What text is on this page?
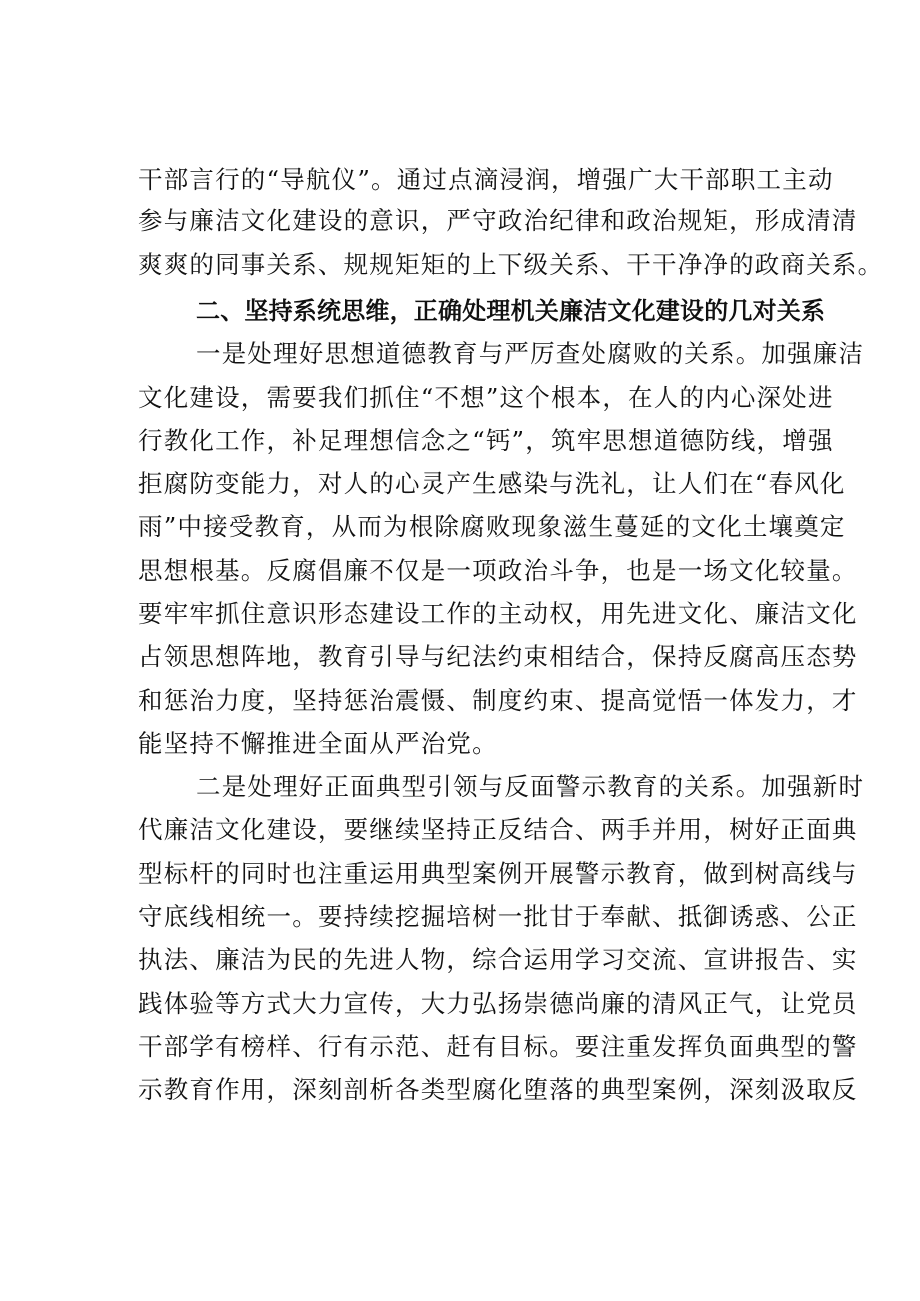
干部言行的“导航仪”。通过点滴浸润，增强广大干部职工主动
参与廉洁文化建设的意识，严守政治纪律和政治规矩，形成清清
爽爽的同事关系、规规矩矩的上下级关系、干干净净的政商关系。
二、坚持系统思维，正确处理机关廉洁文化建设的几对关系
一是处理好思想道德教育与严厉查处腐败的关系。加强廉洁
文化建设，需要我们抓住“不想”这个根本，在人的内心深处进
行教化工作，补足理想信念之“钙”，筑牢思想道德防线，增强
拒腐防变能力，对人的心灵产生感染与洗礼，让人们在“春风化
雨”中接受教育，从而为根除腐败现象滋生蔓延的文化土壤奠定
思想根基。反腐倡廉不仅是一项政治斗争，也是一场文化较量。
要牢牢抓住意识形态建设工作的主动权，用先进文化、廉洁文化
占领思想阵地，教育引导与纪法约束相结合，保持反腐高压态势
和惩治力度，坚持惩治震慑、制度约束、提高觉悟一体发力，才
能坚持不懈推进全面从严治党。
二是处理好正面典型引领与反面警示教育的关系。加强新时
代廉洁文化建设，要继续坚持正反结合、两手并用，树好正面典
型标杆的同时也注重运用典型案例开展警示教育，做到树高线与
守底线相统一。要持续挖掘培树一批甘于奉献、抵御诱惑、公正
执法、廉洁为民的先进人物，综合运用学习交流、宣讲报告、实
践体验等方式大力宣传，大力弘扬崇德尚廉的清风正气，让党员
干部学有榜样、行有示范、赶有目标。要注重发挥负面典型的警
示教育作用，深刻剖析各类型腐化堕落的典型案例，深刻汲取反
